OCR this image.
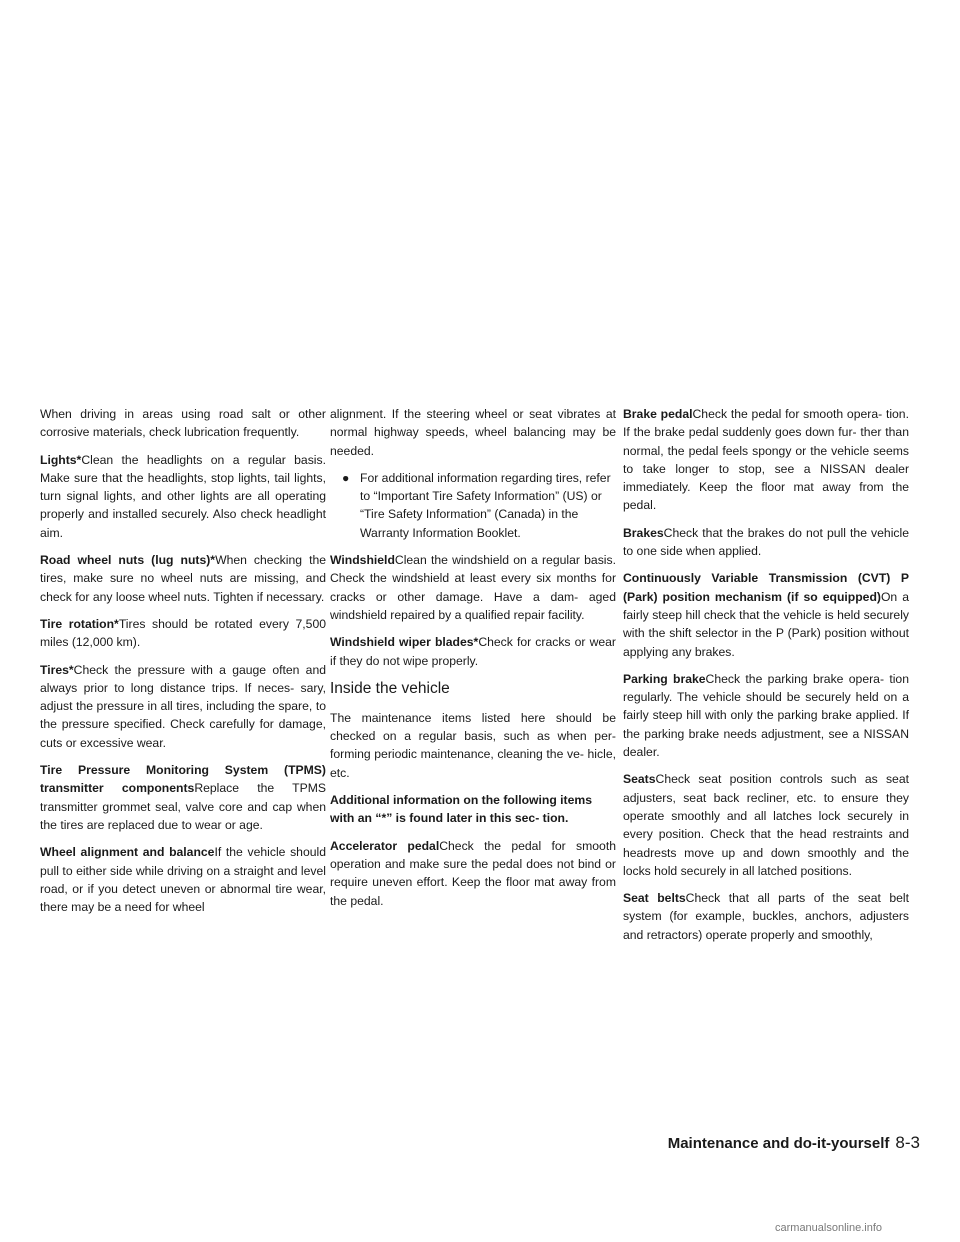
When driving in areas using road salt or other corrosive materials, check lubrication frequently.

Lights*Clean the headlights on a regular basis. Make sure that the headlights, stop lights, tail lights, turn signal lights, and other lights are all operating properly and installed securely. Also check headlight aim.

Road wheel nuts (lug nuts)*When checking the tires, make sure no wheel nuts are missing, and check for any loose wheel nuts. Tighten if necessary.

Tire rotation*Tires should be rotated every 7,500 miles (12,000 km).

Tires*Check the pressure with a gauge often and always prior to long distance trips. If neces- sary, adjust the pressure in all tires, including the spare, to the pressure specified. Check carefully for damage, cuts or excessive wear.

Tire Pressure Monitoring System (TPMS) transmitter componentsReplace the TPMS transmitter grommet seal, valve core and cap when the tires are replaced due to wear or age.

Wheel alignment and balanceIf the vehicle should pull to either side while driving on a straight and level road, or if you detect uneven or abnormal tire wear, there may be a need for wheel

alignment. If the steering wheel or seat vibrates at normal highway speeds, wheel balancing may be needed.

● For additional information regarding tires, refer to “Important Tire Safety Information” (US) or “Tire Safety Information” (Canada) in the Warranty Information Booklet.

WindshieldClean the windshield on a regular basis. Check the windshield at least every six months for cracks or other damage. Have a dam- aged windshield repaired by a qualified repair facility.

Windshield wiper blades*Check for cracks or wear if they do not wipe properly.

Inside the vehicle

The maintenance items listed here should be checked on a regular basis, such as when per- forming periodic maintenance, cleaning the ve- hicle, etc.

Additional information on the following items with an “*” is found later in this sec- tion.

Accelerator pedalCheck the pedal for smooth operation and make sure the pedal does not bind or require uneven effort. Keep the floor mat away from the pedal.

Brake pedalCheck the pedal for smooth opera- tion. If the brake pedal suddenly goes down fur- ther than normal, the pedal feels spongy or the vehicle seems to take longer to stop, see a NISSAN dealer immediately. Keep the floor mat away from the pedal.

BrakesCheck that the brakes do not pull the vehicle to one side when applied.

Continuously Variable Transmission (CVT) P (Park) position mechanism (if so equipped)On a fairly steep hill check that the vehicle is held securely with the shift selector in the P (Park) position without applying any brakes.

Parking brakeCheck the parking brake opera- tion regularly. The vehicle should be securely held on a fairly steep hill with only the parking brake applied. If the parking brake needs adjustment, see a NISSAN dealer.

SeatsCheck seat position controls such as seat adjusters, seat back recliner, etc. to ensure they operate smoothly and all latches lock securely in every position. Check that the head restraints and headrests move up and down smoothly and the locks hold securely in all latched positions.

Seat beltsCheck that all parts of the seat belt system (for example, buckles, anchors, adjusters and retractors) operate properly and smoothly,

Maintenance and do-it-yourself 8-3
carmanualsonline.info
